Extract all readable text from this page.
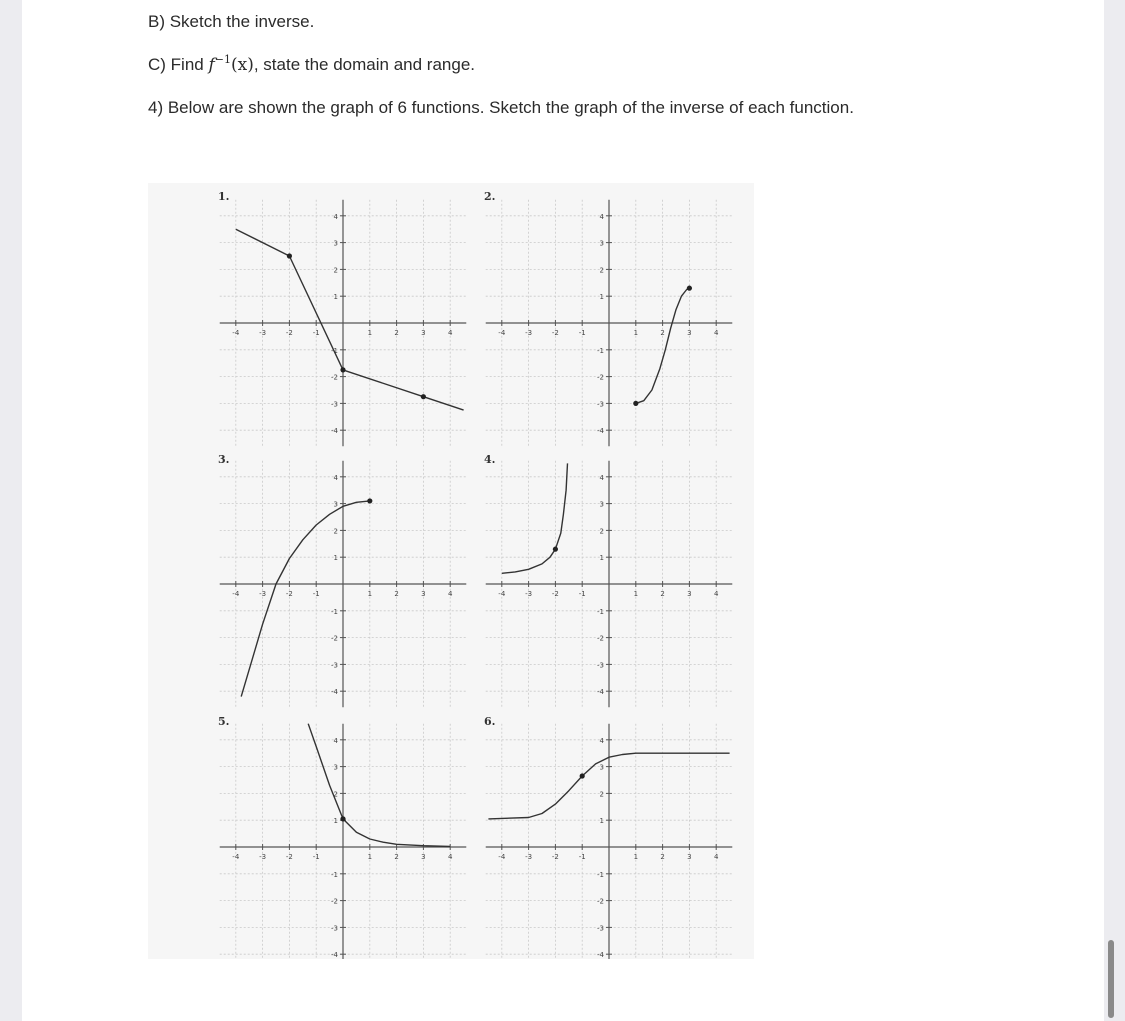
B) Sketch the inverse.
C) Find $f^{-1}(x)$, state the domain and range.
4) Below are shown the graph of 6 functions. Sketch the graph of the inverse of each function.
-4	-3	-2	-1	1	2	3	4
4
3
2
1
-1
-2
-3
-4
1.
-4	-3	-2	-1	1	2	3	4
4
3
2
1
-1
-2
-3
-4
2.
-4	-3	-2	-1	1	2	3	4
4
3
2
1
-1
-2
-3
-4
3.
-4	-3	-2	-1	1	2	3	4
4
3
2
1
-1
-2
-3
-4
4.
-4	-3	-2	-1	1	2	3	4
4
3
2
1
-1
-2
-3
-4
5.
-4	-3	-2	-1	1	2	3	4
4
3
2
1
-1
-2
-3
-4
6.
